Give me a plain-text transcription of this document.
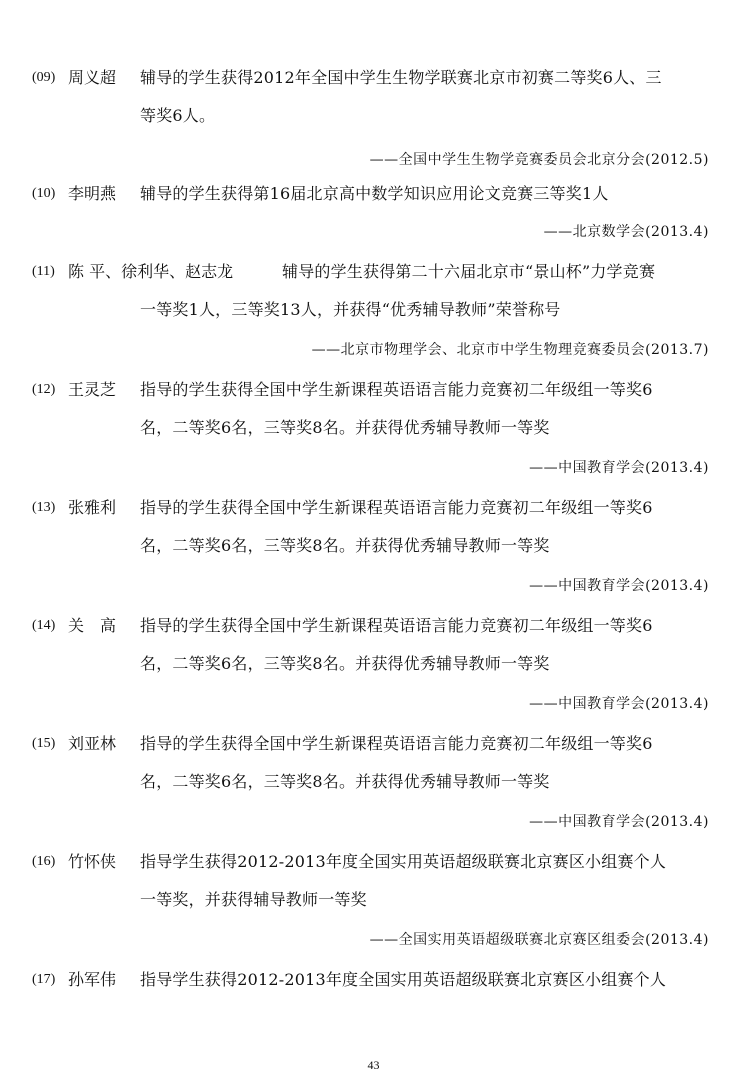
(09) 周义超 辅导的学生获得2012年全国中学生生物学联赛北京市初赛二等奖6人、三
等奖6人。
——全国中学生生物学竞赛委员会北京分会(2012.5)
(10) 李明燕 辅导的学生获得第16届北京高中数学知识应用论文竞赛三等奖1人
——北京数学会(2013.4)
(11) 陈 平、徐利华、赵志龙	辅导的学生获得第二十六届北京市“景山杯”力学竞赛
一等奖1人，三等奖13人，并获得“优秀辅导教师”荣誉称号
——北京市物理学会、北京市中学生物理竞赛委员会(2013.7)
(12) 王灵芝 指导的学生获得全国中学生新课程英语语言能力竞赛初二年级组一等奖6
名，二等奖6名，三等奖8名。并获得优秀辅导教师一等奖
——中国教育学会(2013.4)
(13) 张雅利 指导的学生获得全国中学生新课程英语语言能力竞赛初二年级组一等奖6
名，二等奖6名，三等奖8名。并获得优秀辅导教师一等奖
——中国教育学会(2013.4)
(14) 关　高 指导的学生获得全国中学生新课程英语语言能力竞赛初二年级组一等奖6
名，二等奖6名，三等奖8名。并获得优秀辅导教师一等奖
——中国教育学会(2013.4)
(15) 刘亚林 指导的学生获得全国中学生新课程英语语言能力竞赛初二年级组一等奖6
名，二等奖6名，三等奖8名。并获得优秀辅导教师一等奖
——中国教育学会(2013.4)
(16) 竹怀侠 指导学生获得2012-2013年度全国实用英语超级联赛北京赛区小组赛个人
一等奖，并获得辅导教师一等奖
——全国实用英语超级联赛北京赛区组委会(2013.4)
(17) 孙军伟 指导学生获得2012-2013年度全国实用英语超级联赛北京赛区小组赛个人
43
